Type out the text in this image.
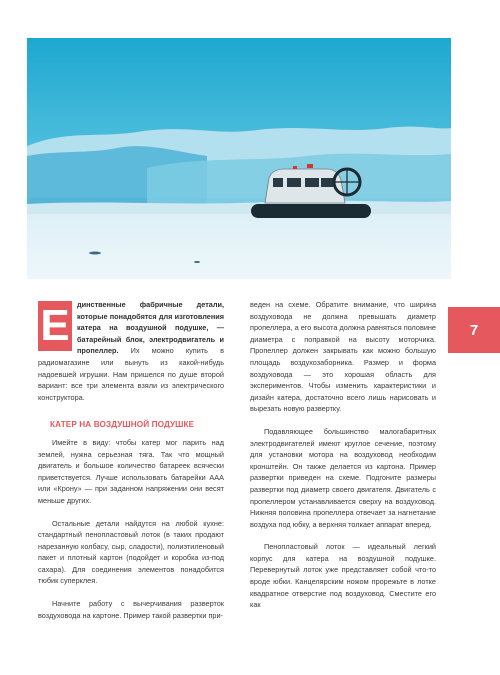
7
Е	динственные фабричные детали, которые понадобятся для изготовления катера на воздушной подушке, — батарейный блок, электродвигатель и пропеллер. Их можно купить в радиомагазине или вынуть из какой-нибудь надоевшей игрушки. Нам пришелся по душе второй вариант: все три элемента взяли из электрического конструктора.
КАТЕР НА ВОЗДУШНОЙ ПОДУШКЕ

Имейте в виду: чтобы катер мог парить над землей, нужна серьезная тяга. Так что мощный двигатель и большое количество батареек всячески приветствуется. Лучше использовать батарейки ААА или «Крону» — при заданном напряжении они весят меньше других.

Остальные детали найдутся на любой кухне: стандартный пенопластовый лоток (в таких продают нарезанную колбасу, сыр, сладости), полиэтиленовый пакет и плотный картон (подойдет и коробка из-под сахара). Для соединения элементов понадобится тюбик суперклея.

Начните работу с вычерчивания разверток воздуховода на картоне. Пример такой развертки при-

веден на схеме. Обратите внимание, что ширина воздуховода не должна превышать диаметр пропеллера, а его высота должна равняться половине диаметра с поправкой на высоту моторчика. Пропеллер должен закрывать как можно большую площадь воздухозаборника. Размер и форма воздуховода — это хорошая область для экспериментов. Чтобы изменить характеристики и дизайн катера, достаточно всего лишь нарисовать и вырезать новую развертку.

Подавляющее большинство малогабаритных электродвигателей имеют круглое сечение, поэтому для установки мотора на воздуховод необходим кронштейн. Он также делается из картона. Пример развертки приведен на схеме. Подгоните размеры развертки под диаметр своего двигателя. Двигатель с пропеллером устанавливается сверху на воздуховод. Нижняя половина пропеллера отвечает за нагнетание воздуха под юбку, а верхняя толкает аппарат вперед.

Пенопластовый лоток — идеальный легкий корпус для катера на воздушной подушке. Перевернутый лоток уже представляет собой что-то вроде юбки. Канцелярским ножом прорежьте в лотке квадратное отверстие под воздуховод. Сместите его как
